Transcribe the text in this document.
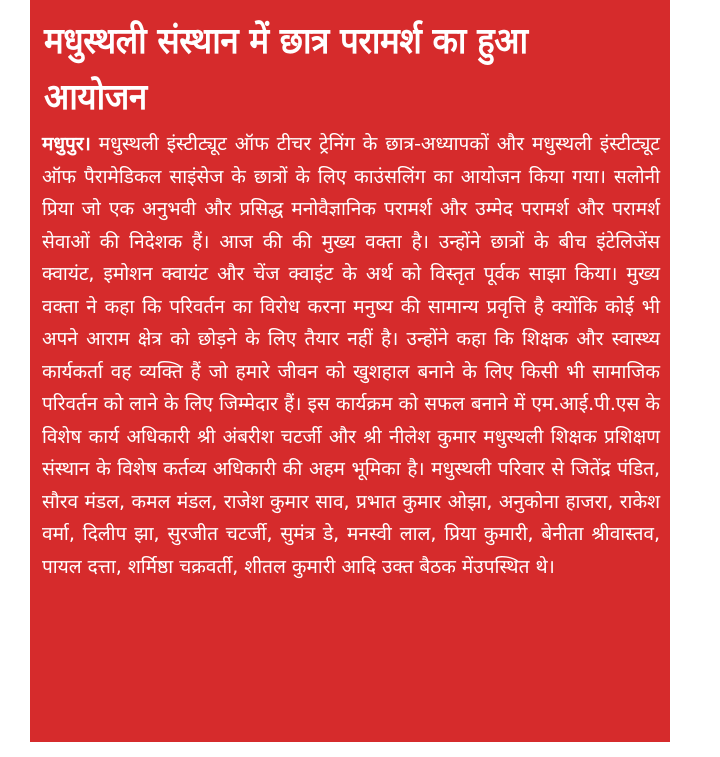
मधुस्थली संस्थान में छात्र परामर्श का हुआ आयोजन

मधुपुर। मधुस्थली इंस्टीट्यूट ऑफ टीचर ट्रेनिंग के छात्र-अध्यापकों और मधुस्थली इंस्टीट्यूट ऑफ पैरामेडिकल साइंसेज के छात्रों के लिए काउंसलिंग का आयोजन किया गया। सलोनी प्रिया जो एक अनुभवी और प्रसिद्ध मनोवैज्ञानिक परामर्श और उम्मेद परामर्श और परामर्श सेवाओं की निदेशक हैं। आज की की मुख्य वक्ता है। उन्होंने छात्रों के बीच इंटेलिजेंस क्वायंट, इमोशन क्वायंट और चेंज क्वाइंट के अर्थ को विस्तृत पूर्वक साझा किया। मुख्य वक्ता ने कहा कि परिवर्तन का विरोध करना मनुष्य की सामान्य प्रवृत्ति है क्योंकि कोई भी अपने आराम क्षेत्र को छोड़ने के लिए तैयार नहीं है। उन्होंने कहा कि शिक्षक और स्वास्थ्य कार्यकर्ता वह व्यक्ति हैं जो हमारे जीवन को खुशहाल बनाने के लिए किसी भी सामाजिक परिवर्तन को लाने के लिए जिम्मेदार हैं। इस कार्यक्रम को सफल बनाने में एम.आई.पी.एस के विशेष कार्य अधिकारी श्री अंबरीश चटर्जी और श्री नीलेश कुमार मधुस्थली शिक्षक प्रशिक्षण संस्थान के विशेष कर्तव्य अधिकारी की अहम भूमिका है। मधुस्थली परिवार से जितेंद्र पंडित, सौरव मंडल, कमल मंडल, राजेश कुमार साव, प्रभात कुमार ओझा, अनुकोना हाजरा, राकेश वर्मा, दिलीप झा, सुरजीत चटर्जी, सुमंत्र डे, मनस्वी लाल, प्रिया कुमारी, बेनीता श्रीवास्तव, पायल दत्ता, शर्मिष्ठा चक्रवर्ती, शीतल कुमारी आदि उक्त बैठक मेंउपस्थित थे।
